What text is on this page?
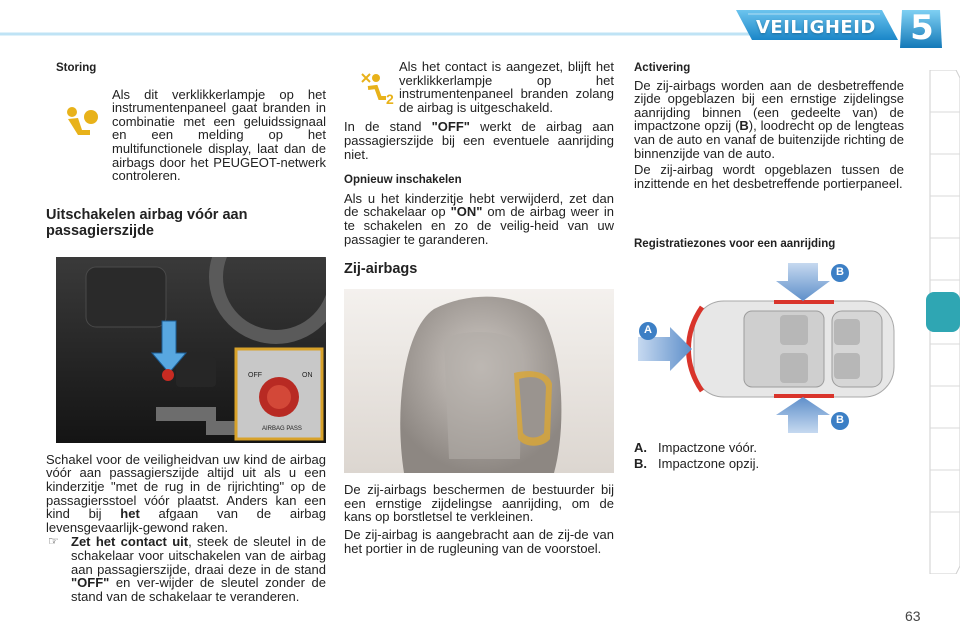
VEILIGHEID 5
Storing

Als dit verklikkerlampje op het instrumentenpaneel gaat branden in combinatie met een geluidssignaal en een melding op het multifunctionele display, laat dan de airbags door het PEUGEOT-netwerk controleren.

Uitschakelen airbag vóór aan passagierszijde
OFF	ON
AIRBAG PASS

Schakel voor de veiligheidvan uw kind de airbag vóór aan passagierszijde altijd uit als u een kinderzitje "met de rug in de rijrichting" op de passagiersstoel vóór plaatst. Anders kan een kind bij het afgaan van de airbag levensgevaarlijk-gewond raken.

☞ Zet het contact uit, steek de sleutel in de schakelaar voor uitschakelen van de airbag aan passagierszijde, draai deze in de stand "OFF" en ver-wijder de sleutel zonder de stand van de schakelaar te veranderen.

2

Als het contact is aangezet, blijft het verklikkerlampje op het instrumentenpaneel branden zolang de airbag is uitgeschakeld.

In de stand "OFF" werkt de airbag aan passagierszijde bij een eventuele aanrijding niet.

Opnieuw inschakelen

Als u het kinderzitje hebt verwijderd, zet dan de schakelaar op "ON" om de airbag weer in te schakelen en zo de veilig-heid van uw passagier te garanderen.

Zij-airbags

De zij-airbags beschermen de bestuurder bij een ernstige zijdelingse aanrijding, om de kans op borstletsel te verkleinen.

De zij-airbag is aangebracht aan de zij-de van het portier in de rugleuning van de voorstoel.

Activering

De zij-airbags worden aan de desbetreffende zijde opgeblazen bij een ernstige zijdelingse aanrijding binnen (een gedeelte van) de impactzone opzij (B), loodrecht op de lengteas van de auto en vanaf de buitenzijde richting de binnenzijde van de auto.

De zij-airbag wordt opgeblazen tussen de inzittende en het desbetreffende portierpaneel.

Registratiezones voor een aanrijding
A
B
B
A. Impactzone vóór.
B. Impactzone opzij.
63
